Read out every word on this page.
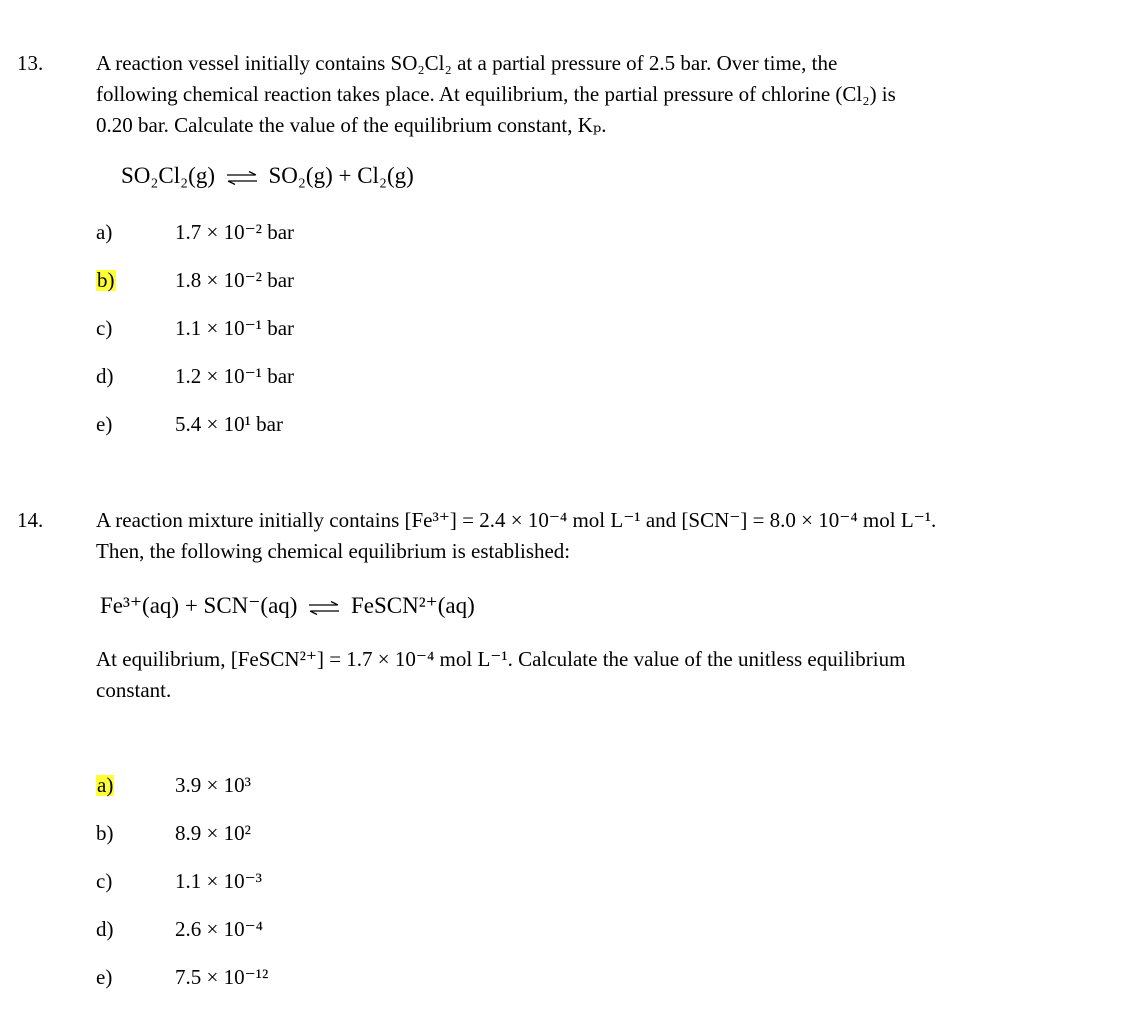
13.	A reaction vessel initially contains SO₂Cl₂ at a partial pressure of 2.5 bar. Over time, the
following chemical reaction takes place. At equilibrium, the partial pressure of chlorine (Cl₂) is
0.20 bar. Calculate the value of the equilibrium constant, Kₚ.
SO₂Cl₂(g) ⇌ SO₂(g) + Cl₂(g)
a)	1.7 × 10⁻² bar
b)	1.8 × 10⁻² bar
c)	1.1 × 10⁻¹ bar
d)	1.2 × 10⁻¹ bar
e)	5.4 × 10¹ bar
14.	A reaction mixture initially contains [Fe³⁺] = 2.4 × 10⁻⁴ mol L⁻¹ and [SCN⁻] = 8.0 × 10⁻⁴ mol L⁻¹.
Then, the following chemical equilibrium is established:
Fe³⁺(aq) + SCN⁻(aq) ⇌ FeSCN²⁺(aq)
At equilibrium, [FeSCN²⁺] = 1.7 × 10⁻⁴ mol L⁻¹. Calculate the value of the unitless equilibrium
constant.
a)	3.9 × 10³
b)	8.9 × 10²
c)	1.1 × 10⁻³
d)	2.6 × 10⁻⁴
e)	7.5 × 10⁻¹²
